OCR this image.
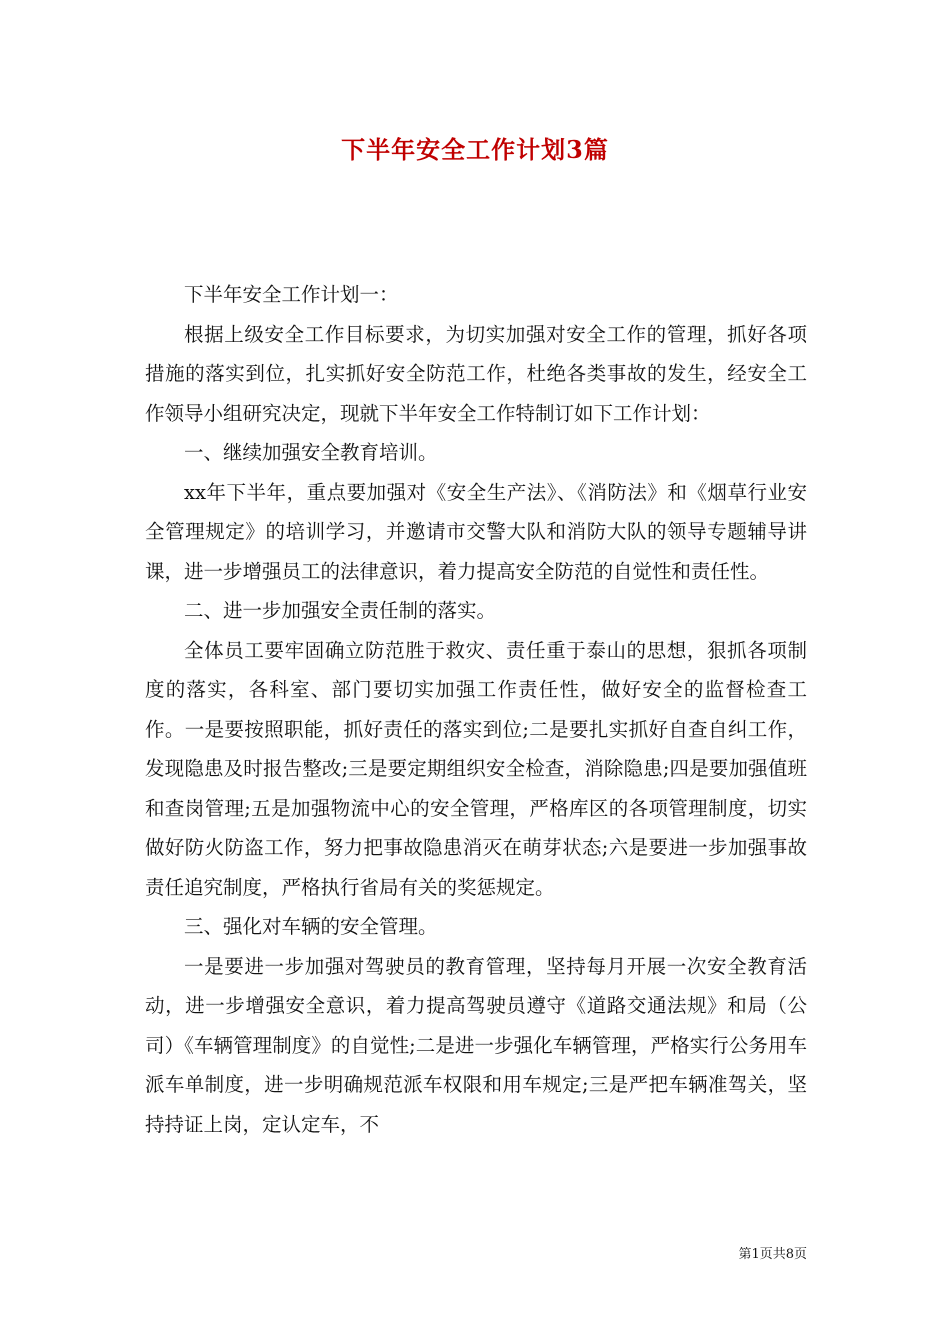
下半年安全工作计划3篇

下半年安全工作计划一：

根据上级安全工作目标要求，为切实加强对安全工作的管理，抓好各项措施的落实到位，扎实抓好安全防范工作，杜绝各类事故的发生，经安全工作领导小组研究决定，现就下半年安全工作特制订如下工作计划：

一、继续加强安全教育培训。

xx年下半年，重点要加强对《安全生产法》、《消防法》和《烟草行业安全管理规定》的培训学习，并邀请市交警大队和消防大队的领导专题辅导讲课，进一步增强员工的法律意识，着力提高安全防范的自觉性和责任性。

二、进一步加强安全责任制的落实。

全体员工要牢固确立防范胜于救灾、责任重于泰山的思想，狠抓各项制度的落实，各科室、部门要切实加强工作责任性，做好安全的监督检查工作。一是要按照职能，抓好责任的落实到位;二是要扎实抓好自查自纠工作，发现隐患及时报告整改;三是要定期组织安全检查，消除隐患;四是要加强值班和查岗管理;五是加强物流中心的安全管理，严格库区的各项管理制度，切实做好防火防盗工作，努力把事故隐患消灭在萌芽状态;六是要进一步加强事故责任追究制度，严格执行省局有关的奖惩规定。

三、强化对车辆的安全管理。

一是要进一步加强对驾驶员的教育管理，坚持每月开展一次安全教育活动，进一步增强安全意识，着力提高驾驶员遵守《道路交通法规》和局（公司）《车辆管理制度》的自觉性;二是进一步强化车辆管理，严格实行公务用车派车单制度，进一步明确规范派车权限和用车规定;三是严把车辆准驾关，坚持持证上岗，定认定车，不

第1页共8页
